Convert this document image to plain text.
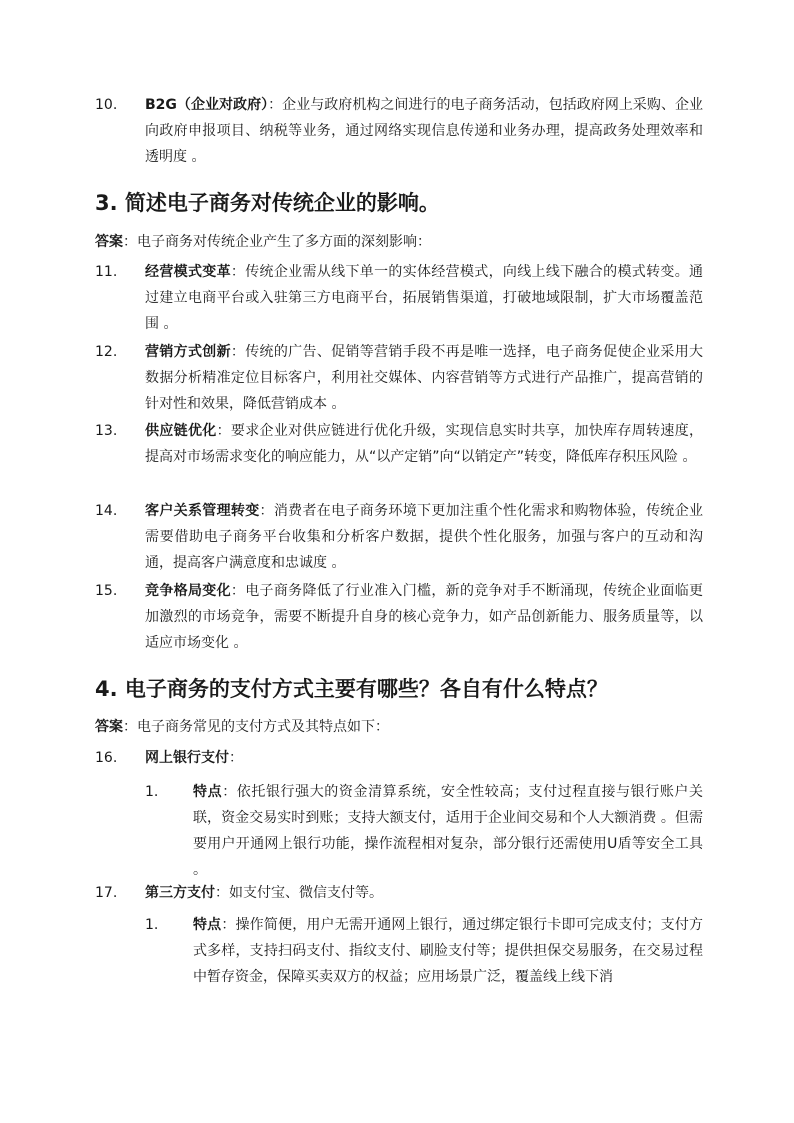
10.	B2G（企业对政府）：企业与政府机构之间进行的电子商务活动，包括政府网上采购、企业向政府申报项目、纳税等业务，通过网络实现信息传递和业务办理，提高政务处理效率和透明度 。
3. 简述电子商务对传统企业的影响。
答案：电子商务对传统企业产生了多方面的深刻影响：
11.	经营模式变革：传统企业需从线下单一的实体经营模式，向线上线下融合的模式转变。通过建立电商平台或入驻第三方电商平台，拓展销售渠道，打破地域限制，扩大市场覆盖范围 。
12.	营销方式创新：传统的广告、促销等营销手段不再是唯一选择，电子商务促使企业采用大数据分析精准定位目标客户，利用社交媒体、内容营销等方式进行产品推广，提高营销的针对性和效果，降低营销成本 。
13.	供应链优化：要求企业对供应链进行优化升级，实现信息实时共享，加快库存周转速度，提高对市场需求变化的响应能力，从“以产定销”向“以销定产”转变，降低库存积压风险 。
14.	客户关系管理转变：消费者在电子商务环境下更加注重个性化需求和购物体验，传统企业需要借助电子商务平台收集和分析客户数据，提供个性化服务，加强与客户的互动和沟通，提高客户满意度和忠诚度 。
15.	竞争格局变化：电子商务降低了行业准入门槛，新的竞争对手不断涌现，传统企业面临更加激烈的市场竞争，需要不断提升自身的核心竞争力，如产品创新能力、服务质量等，以适应市场变化 。
4. 电子商务的支付方式主要有哪些？各自有什么特点？
答案：电子商务常见的支付方式及其特点如下：
16.	网上银行支付：
1.	特点：依托银行强大的资金清算系统，安全性较高；支付过程直接与银行账户关联，资金交易实时到账；支持大额支付，适用于企业间交易和个人大额消费 。但需要用户开通网上银行功能，操作流程相对复杂，部分银行还需使用U盾等安全工具 。
17.	第三方支付：如支付宝、微信支付等。
1.	特点：操作简便，用户无需开通网上银行，通过绑定银行卡即可完成支付；支付方式多样，支持扫码支付、指纹支付、刷脸支付等；提供担保交易服务，在交易过程中暂存资金，保障买卖双方的权益；应用场景广泛，覆盖线上线下消
